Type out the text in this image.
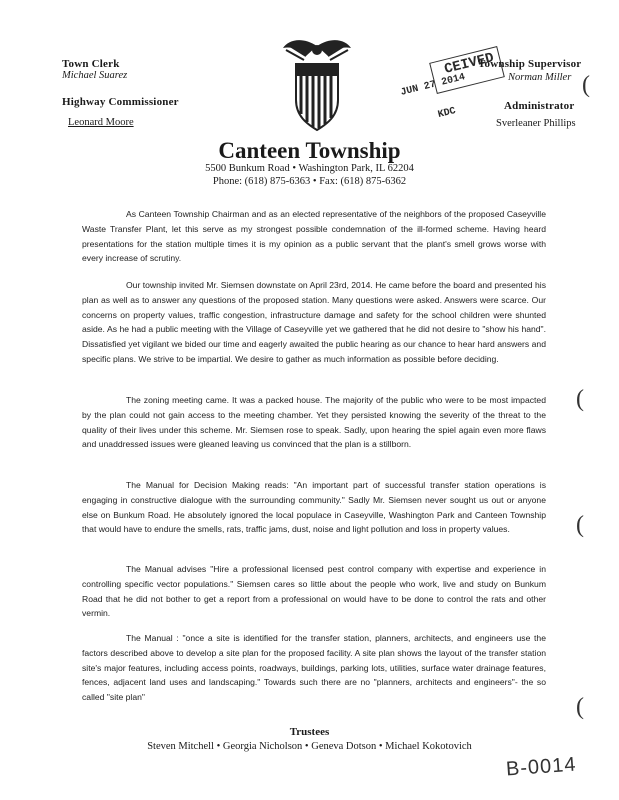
Town Clerk
Michael Suarez
Highway Commissioner
Leonard Moore
CEIVED
JUN 27 2014
KDC
Township Supervisor
Norman Miller
Administrator
Sverleaner Phillips
(
Canteen Township
5500 Bunkum Road • Washington Park, IL 62204
Phone: (618) 875-6363 • Fax: (618) 875-6362

As Canteen Township Chairman and as an elected representative of the neighbors of the proposed Caseyville Waste Transfer Plant, let this serve as my strongest possible condemnation of the ill-formed scheme. Having heard presentations for the station multiple times it is my opinion as a public servant that the plant's smell grows worse with every increase of scrutiny.

Our township invited Mr. Siemsen downstate on April 23rd, 2014. He came before the board and presented his plan as well as to answer any questions of the proposed station. Many questions were asked. Answers were scarce. Our concerns on property values, traffic congestion, infrastructure damage and safety for the school children were shunted aside. As he had a public meeting with the Village of Caseyville yet we gathered that he did not desire to "show his hand". Dissatisfied yet vigilant we bided our time and eagerly awaited the public hearing as our chance to hear hard answers and specific plans. We strive to be impartial. We desire to gather as much information as possible before deciding.

The zoning meeting came. It was a packed house. The majority of the public who were to be most impacted by the plan could not gain access to the meeting chamber. Yet they persisted knowing the severity of the threat to the quality of their lives under this scheme. Mr. Siemsen rose to speak. Sadly, upon hearing the spiel again even more flaws and unaddressed issues were gleaned leaving us convinced that the plan is a stillborn.

The Manual for Decision Making reads: "An important part of successful transfer station operations is engaging in constructive dialogue with the surrounding community." Sadly Mr. Siemsen never sought us out or anyone else on Bunkum Road. He absolutely ignored the local populace in Caseyville, Washington Park and Canteen Township that would have to endure the smells, rats, traffic jams, dust, noise and light pollution and loss in property values.

The Manual advises "Hire a professional licensed pest control company with expertise and experience in controlling specific vector populations." Siemsen cares so little about the people who work, live and study on Bunkum Road that he did not bother to get a report from a professional on would have to be done to control the rats and other vermin.

The Manual : "once a site is identified for the transfer station, planners, architects, and engineers use the factors described above to develop a site plan for the proposed facility. A site plan shows the layout of the transfer station site's major features, including access points, roadways, buildings, parking lots, utilities, surface water drainage features, fences, adjacent land uses and landscaping." Towards such there are no "planners, architects and engineers"- the so called "site plan"

(
(
(
Trustees
Steven Mitchell • Georgia Nicholson • Geneva Dotson • Michael Kokotovich
B-0014
